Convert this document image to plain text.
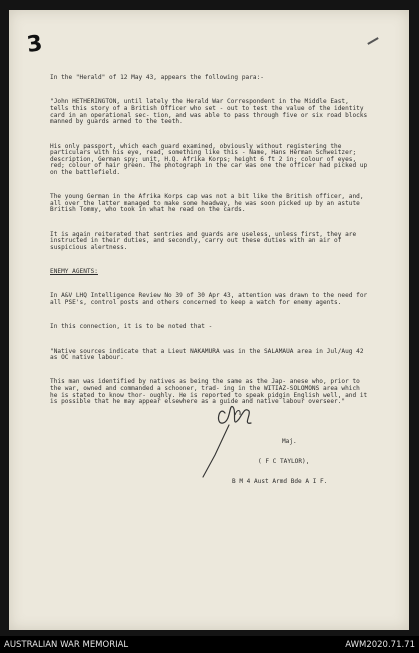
3

In the "Herald" of 12 May 43, appears the following para:-

"John HETHERINGTON, until lately the Herald War Correspondent in the Middle East, tells this story of a British Officer who set - out to test the value of the identity card in an operational sec- tion, and was able to pass through five or six road blocks manned by guards armed to the teeth.

His only passport, which each guard examined, obviously without registering the particulars with his eye, read, something like this - Name, Hans Herman Schweitzer; description, German spy; unit, H.Q. Afrika Korps; height 6 ft 2 in; colour of eyes, red; colour of hair green. The photograph in the car was one the officer had picked up on the battlefield.

The young German in the Afrika Korps cap was not a bit like the British officer, and, all over the latter managed to make some headway, he was soon picked up by an astute British Tommy, who took in what he read on the cards.

It is again reiterated that sentries and guards are useless, unless first, they are instructed in their duties, and secondly, carry out these duties with an air of suspicious alertness.

ENEMY AGENTS:

In A&V LHQ Intelligence Review No 39 of 30 Apr 43, attention was drawn to the need for all PSE's, control posts and others concerned to keep a watch for enemy agents.

In this connection, it is to be noted that -

"Native sources indicate that a Lieut NAKAMURA was in the SALAMAUA area in Jul/Aug 42 as OC native labour.

This man was identified by natives as being the same as the Jap- anese who, prior to the war, owned and commanded a schooner, trad- ing in the WITIAZ-SOLOMONS area which he is stated to know thor- oughly. He is reported to speak pidgin English well, and it is possible that he may appear elsewhere as a guide and native labour overseer."

Maj.

( F C TAYLOR),

B M 4 Aust Armd Bde A I F.

AUSTRALIAN WAR MEMORIAL	AWM2020.71.71
